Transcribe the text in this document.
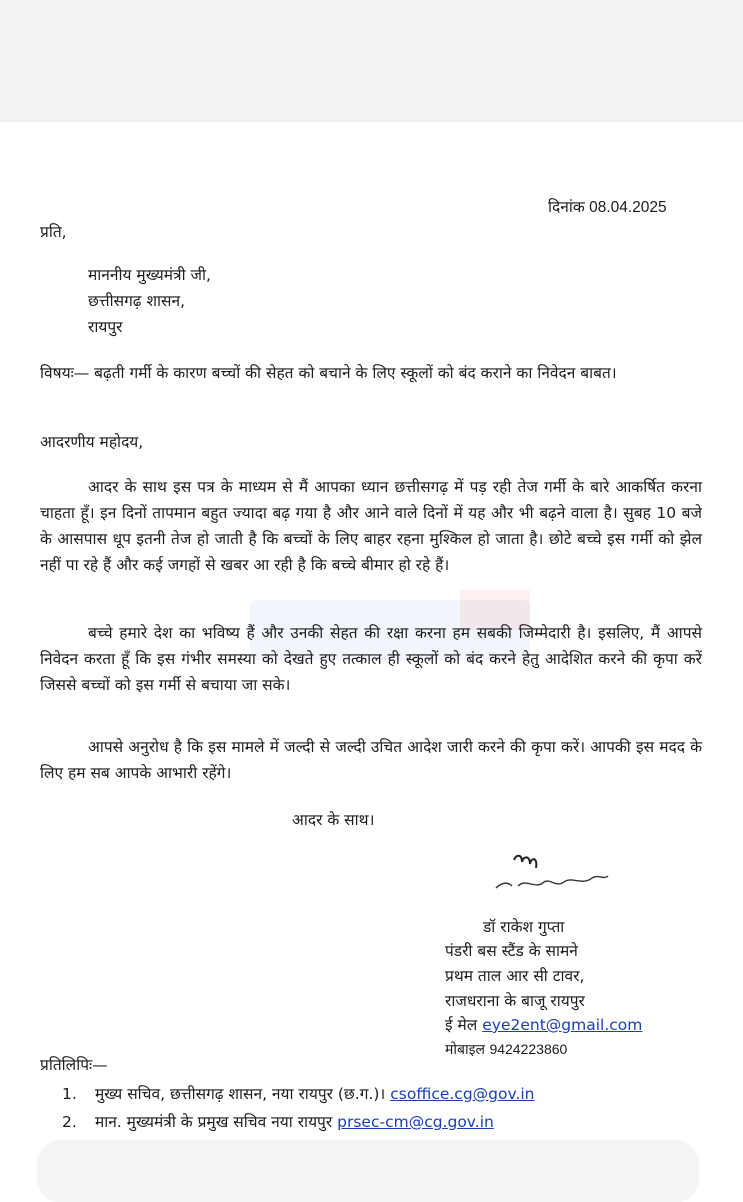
दिनांक 08.04.2025
प्रति,
माननीय मुख्यमंत्री जी,
छत्तीसगढ़ शासन,
रायपुर
विषयः— बढ़ती गर्मी के कारण बच्चों की सेहत को बचाने के लिए स्कूलों को बंद कराने का निवेदन बाबत।
आदरणीय महोदय,
आदर के साथ इस पत्र के माध्यम से मैं आपका ध्यान छत्तीसगढ़ में पड़ रही तेज गर्मी के बारे आकर्षित करना चाहता हूँ। इन दिनों तापमान बहुत ज्यादा बढ़ गया है और आने वाले दिनों में यह और भी बढ़ने वाला है। सुबह 10 बजे के आसपास धूप इतनी तेज हो जाती है कि बच्चों के लिए बाहर रहना मुश्किल हो जाता है। छोटे बच्चे इस गर्मी को झेल नहीं पा रहे हैं और कई जगहों से खबर आ रही है कि बच्चे बीमार हो रहे हैं।
बच्चे हमारे देश का भविष्य हैं और उनकी सेहत की रक्षा करना हम सबकी जिम्मेदारी है। इसलिए, मैं आपसे निवेदन करता हूँ कि इस गंभीर समस्या को देखते हुए तत्काल ही स्कूलों को बंद करने हेतु आदेशित करने की कृपा करें जिससे बच्चों को इस गर्मी से बचाया जा सके।
आपसे अनुरोध है कि इस मामले में जल्दी से जल्दी उचित आदेश जारी करने की कृपा करें। आपकी इस मदद के लिए हम सब आपके आभारी रहेंगे।
आदर के साथ।
डॉ राकेश गुप्ता
पंडरी बस स्टैंड के सामने
प्रथम ताल आर सी टावर,
राजधराना के बाजू रायपुर
ई मेल eye2ent@gmail.com
मोबाइल 9424223860
प्रतिलिपिः—
1. मुख्य सचिव, छत्तीसगढ़ शासन, नया रायपुर (छ.ग.)। csoffice.cg@gov.in
2. मान. मुख्यमंत्री के प्रमुख सचिव नया रायपुर prsec-cm@cg.gov.in
